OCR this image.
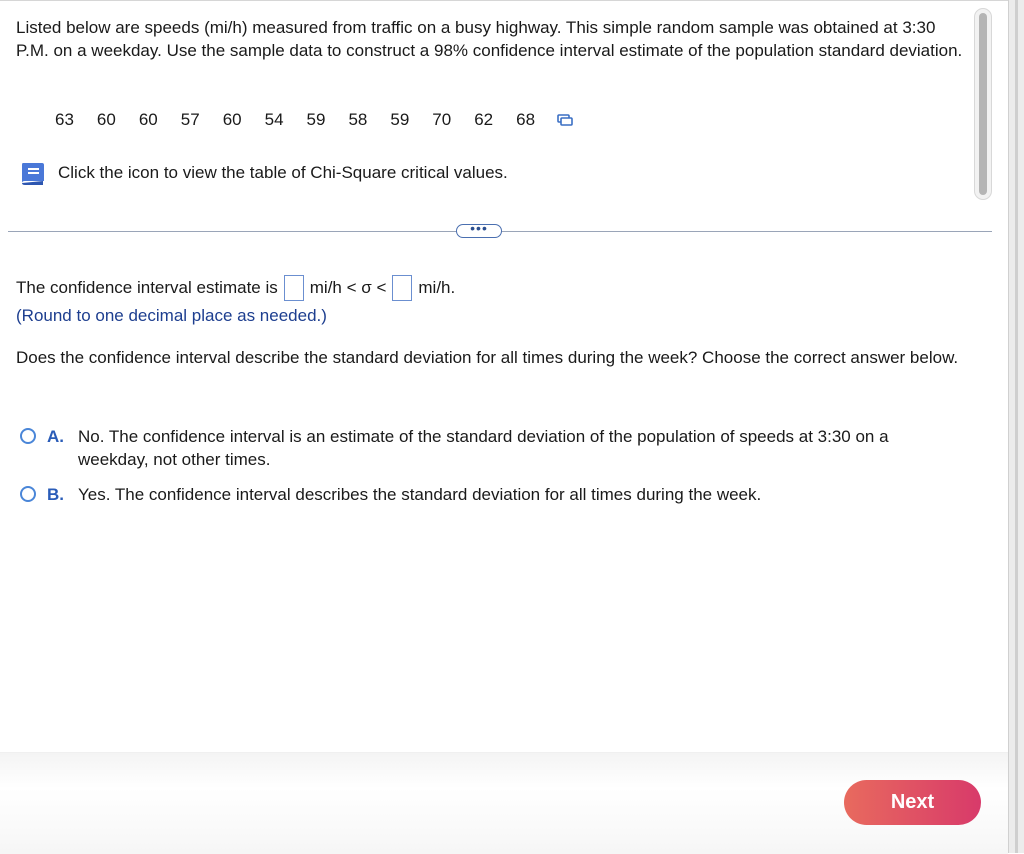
Listed below are speeds (mi/h) measured from traffic on a busy highway. This simple random sample was obtained at 3:30 P.M. on a weekday. Use the sample data to construct a 98% confidence interval estimate of the population standard deviation.

63 60 60 57 60 54 59 58 59 70 62 68
Click the icon to view the table of Chi-Square critical values.
•••
The confidence interval estimate is mi/h < σ < mi/h.
(Round to one decimal place as needed.)

Does the confidence interval describe the standard deviation for all times during the week? Choose the correct answer below.

A. No. The confidence interval is an estimate of the standard deviation of the population of speeds at 3:30 on a weekday, not other times.
B. Yes. The confidence interval describes the standard deviation for all times during the week.
Next
